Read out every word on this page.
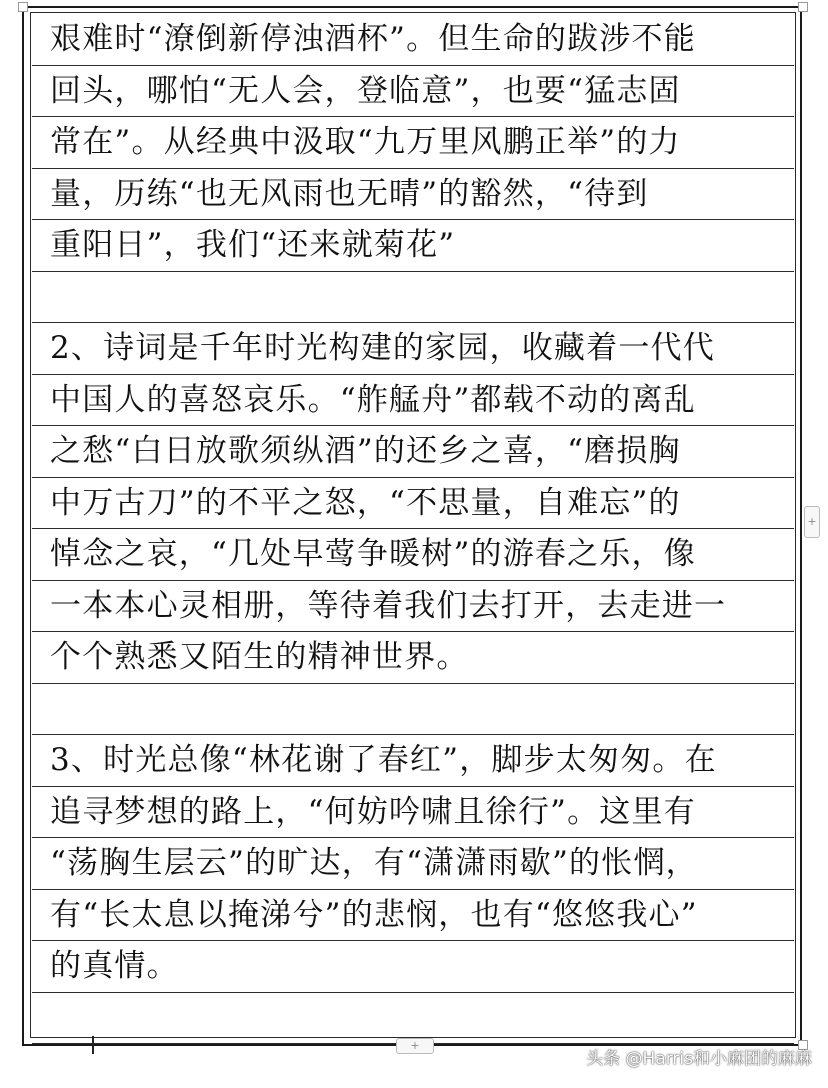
艰难时“潦倒新停浊酒杯”。但生命的跋涉不能
回头，哪怕“无人会，登临意”，也要“猛志固
常在”。从经典中汲取“九万里风鹏正举”的力
量，历练“也无风雨也无晴”的豁然，“待到
重阳日”，我们“还来就菊花”
2、诗词是千年时光构建的家园，收藏着一代代
中国人的喜怒哀乐。“舴艋舟”都载不动的离乱
之愁“白日放歌须纵酒”的还乡之喜，“磨损胸
中万古刀”的不平之怒，“不思量，自难忘”的
悼念之哀，“几处早莺争暖树”的游春之乐，像
一本本心灵相册，等待着我们去打开，去走进一
个个熟悉又陌生的精神世界。
3、时光总像“林花谢了春红”，脚步太匆匆。在
追寻梦想的路上，“何妨吟啸且徐行”。这里有
“荡胸生层云”的旷达，有“潇潇雨歇”的怅惘，
有“长太息以掩涕兮”的悲悯，也有“悠悠我心”
的真情。
+
+
头条 @Harris和小麻团的麻麻
